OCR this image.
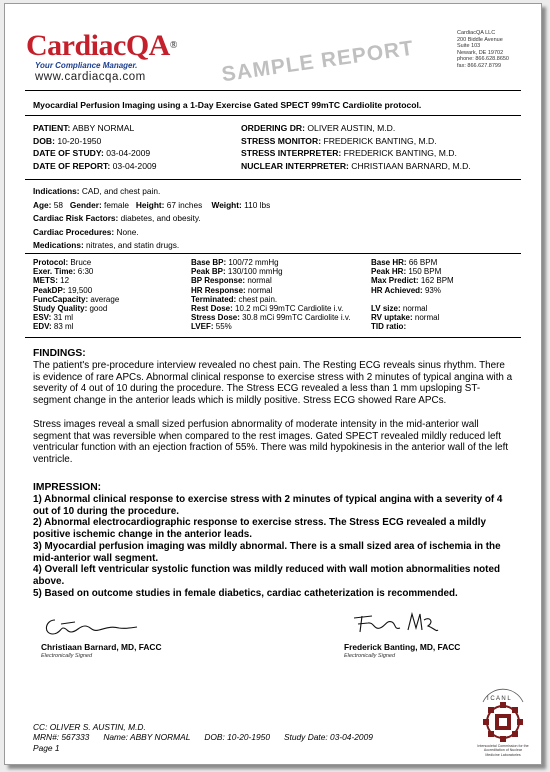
CardiacQA®
Your Compliance Manager.
www.cardiacqa.com	SAMPLE REPORT
CardiacQA LLC
200 Biddle Avenue
Suite 103
Newark, DE 19702
phone: 866.628.8650
fax: 866.627.8799
Myocardial Perfusion Imaging using a 1-Day Exercise Gated SPECT 99mTC Cardiolite protocol.
PATIENT: ABBY NORMAL
DOB: 10-20-1950
DATE OF STUDY: 03-04-2009
DATE OF REPORT: 03-04-2009
ORDERING DR: OLIVER AUSTIN, M.D.
STRESS MONITOR: FREDERICK BANTING, M.D.
STRESS INTERPRETER: FREDERICK BANTING, M.D.
NUCLEAR INTERPRETER: CHRISTIAAN BARNARD, M.D.
Indications: CAD, and chest pain.
Age: 58 Gender: female Height: 67 inches Weight: 110 lbs
Cardiac Risk Factors: diabetes, and obesity.
Cardiac Procedures: None.
Medications: nitrates, and statin drugs.
Protocol: Bruce
Exer. Time: 6:30
METS: 12
PeakDP: 19,500
FuncCapacity: average
Study Quality: good
ESV: 31 ml
EDV: 83 ml
Base BP: 100/72 mmHg
Peak BP: 130/100 mmHg
BP Response: normal
HR Response: normal
Terminated: chest pain.
Rest Dose: 10.2 mCi 99mTC Cardiolite i.v.
Stress Dose: 30.8 mCi 99mTC Cardiolite i.v.
LVEF: 55%
Base HR: 66 BPM
Peak HR: 150 BPM
Max Predict: 162 BPM
HR Achieved: 93%

LV size: normal
RV uptake: normal
TID ratio:
FINDINGS:
The patient's pre-procedure interview revealed no chest pain. The Resting ECG reveals sinus rhythm. There is evidence of rare APCs. Abnormal clinical response to exercise stress with 2 minutes of typical angina with a severity of 4 out of 10 during the procedure. The Stress ECG revealed a less than 1 mm upsloping ST-segment change in the anterior leads which is mildly positive. Stress ECG showed Rare APCs.
Stress images reveal a small sized perfusion abnormality of moderate intensity in the mid-anterior wall segment that was reversible when compared to the rest images. Gated SPECT revealed mildly reduced left ventricular function with an ejection fraction of 55%. There was mild hypokinesis in the anterior wall of the left ventricle.
IMPRESSION:
1) Abnormal clinical response to exercise stress with 2 minutes of typical angina with a severity of 4 out of 10 during the procedure.
2) Abnormal electrocardiographic response to exercise stress. The Stress ECG revealed a mildly positive ischemic change in the anterior leads.
3) Myocardial perfusion imaging was mildly abnormal. There is a small sized area of ischemia in the mid-anterior wall segment.
4) Overall left ventricular systolic function was mildly reduced with wall motion abnormalities noted above.
5) Based on outcome studies in female diabetics, cardiac catheterization is recommended.
Christiaan Barnard, MD, FACC
Electronically Signed
Frederick Banting, MD, FACC
Electronically Signed
CC: OLIVER S. AUSTIN, M.D.
MRN#: 567333 Name: ABBY NORMAL DOB: 10-20-1950 Study Date: 03-04-2009
Page 1
I C A N L
Intersocietal Commission for the
Accreditation of Nuclear
Medicine Laboratories
